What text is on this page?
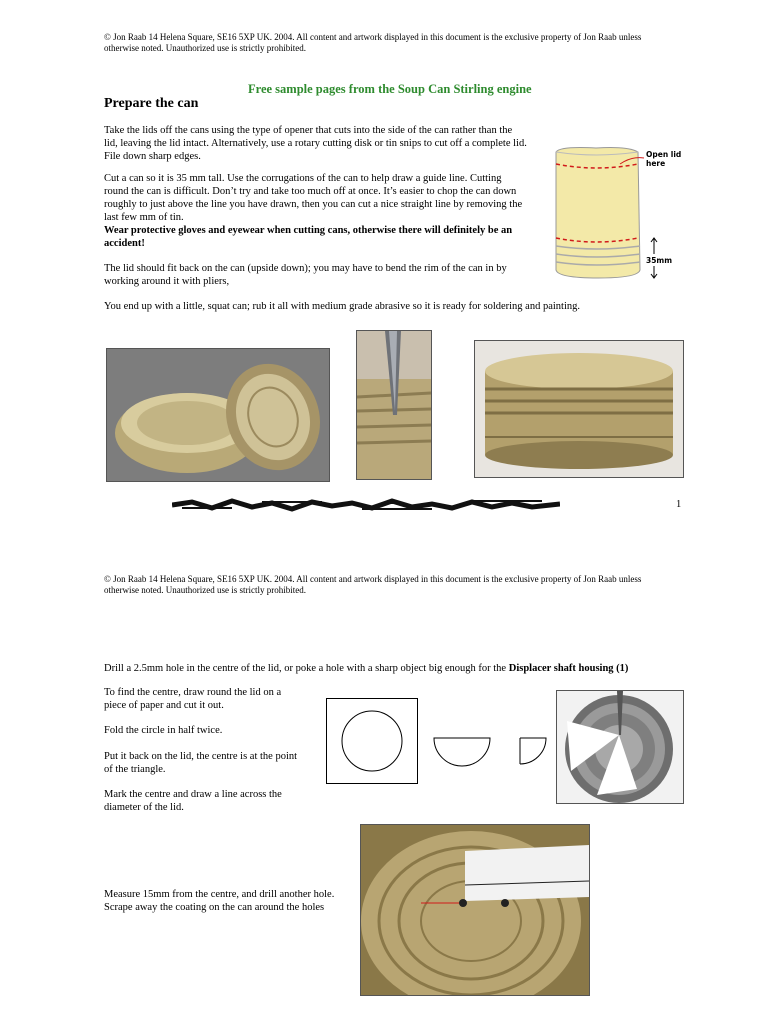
© Jon Raab 14 Helena Square, SE16 5XP UK. 2004. All content and artwork displayed in this document is the exclusive property of Jon Raab unless otherwise noted. Unauthorized use is strictly prohibited.
Free sample pages from the Soup Can Stirling engine
Prepare the can
Take the lids off the cans using the type of opener that cuts into the side of the can rather than the lid, leaving the lid intact. Alternatively, use a rotary cutting disk or tin snips to cut off a complete lid. File down sharp edges.
Cut a can so it is 35 mm tall. Use the corrugations of the can to help draw a guide line. Cutting round the can is difficult. Don’t try and take too much off at once. It’s easier to chop the can down roughly to just above the line you have drawn, then you can cut a nice straight line by removing the last few mm of tin.
Wear protective gloves and eyewear when cutting cans, otherwise there will definitely be an accident!
The lid should fit back on the can (upside down); you may have to bend the rim of the can in by working around it with pliers,
You end up with a little, squat can; rub it all with medium grade abrasive so it is ready for soldering and painting.
Open lid here
35mm
1
© Jon Raab 14 Helena Square, SE16 5XP UK. 2004. All content and artwork displayed in this document is the exclusive property of Jon Raab unless otherwise noted. Unauthorized use is strictly prohibited.
Drill a 2.5mm hole in the centre of the lid, or poke a hole with a sharp object big enough for the Displacer shaft housing (1)
To find the centre, draw round the lid on a piece of paper and cut it out.
Fold the circle in half twice.
Put it back on the lid, the centre is at the point of the triangle.
Mark the centre and draw a line across the diameter of the lid.
Measure 15mm from the centre, and drill another hole. Scrape away the coating on the can around the holes
